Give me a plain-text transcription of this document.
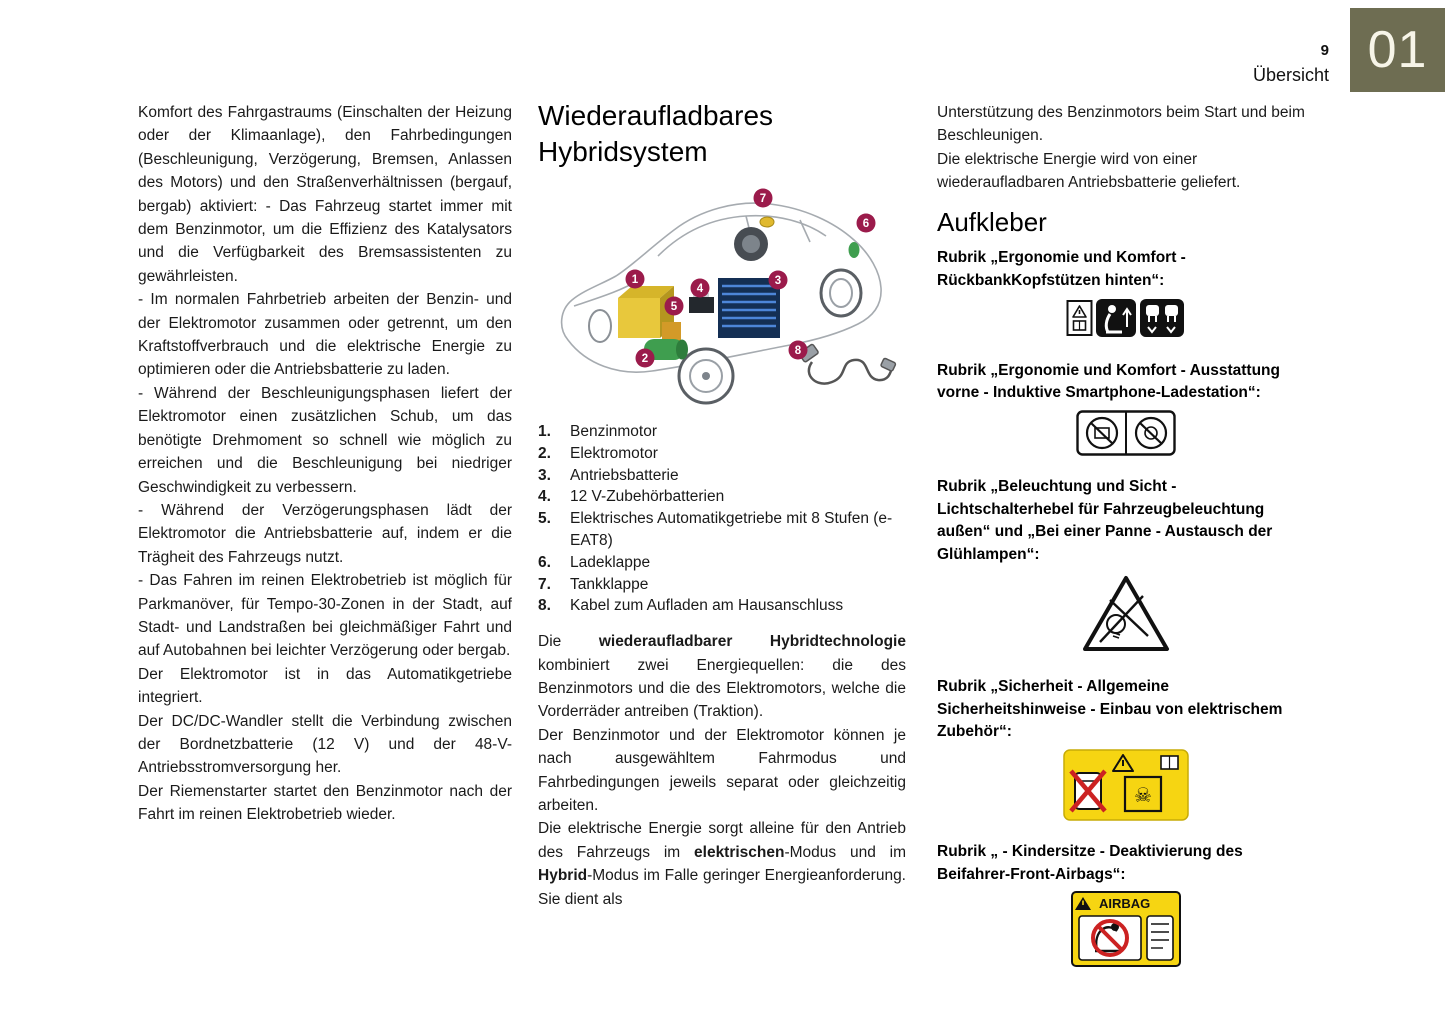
9
Übersicht 01

Komfort des Fahrgastraums (Einschalten der Heizung oder der Klimaanlage), den Fahrbedingungen (Beschleunigung, Verzögerung, Bremsen, Anlassen des Motors) und den Straßenverhältnissen (bergauf, bergab) aktiviert: - Das Fahrzeug startet immer mit dem Benzinmotor, um die Effizienz des Katalysators und die Verfügbarkeit des Bremsassistenten zu gewährleisten.

- Im normalen Fahrbetrieb arbeiten der Benzin- und der Elektromotor zusammen oder getrennt, um den Kraftstoffverbrauch und die elektrische Energie zu optimieren oder die Antriebsbatterie zu laden.

- Während der Beschleunigungsphasen liefert der Elektromotor einen zusätzlichen Schub, um das benötigte Drehmoment so schnell wie möglich zu erreichen und die Beschleunigung bei niedriger Geschwindigkeit zu verbessern.

- Während der Verzögerungsphasen lädt der Elektromotor die Antriebsbatterie auf, indem er die Trägheit des Fahrzeugs nutzt.

- Das Fahren im reinen Elektrobetrieb ist möglich für Parkmanöver, für Tempo-30-Zonen in der Stadt, auf Stadt- und Landstraßen bei gleichmäßiger Fahrt und auf Autobahnen bei leichter Verzögerung oder bergab.

Der Elektromotor ist in das Automatikgetriebe integriert.

Der DC/DC-Wandler stellt die Verbindung zwischen der Bordnetzbatterie (12 V) und der 48-V-Antriebsstromversorgung her.

Der Riemenstarter startet den Benzinmotor nach der Fahrt im reinen Elektrobetrieb wieder.

Wiederaufladbares Hybridsystem
1
2
3
4
5
6
7
8
1.	Benzinmotor
2.	Elektromotor
3.	Antriebsbatterie
4.	12 V-Zubehörbatterien
5.	Elektrisches Automatikgetriebe mit 8 Stufen (e-EAT8)
6.	Ladeklappe
7.	Tankklappe
8.	Kabel zum Aufladen am Hausanschluss

Die wiederaufladbarer Hybridtechnologie kombiniert zwei Energiequellen: die des Benzinmotors und die des Elektromotors, welche die Vorderräder antreiben (Traktion).

Der Benzinmotor und der Elektromotor können je nach ausgewähltem Fahrmodus und Fahrbedingungen jeweils separat oder gleichzeitig arbeiten.

Die elektrische Energie sorgt alleine für den Antrieb des Fahrzeugs im elektrischen-Modus und im Hybrid-Modus im Falle geringer Energieanforderung. Sie dient als

Unterstützung des Benzinmotors beim Start und beim Beschleunigen.

Die elektrische Energie wird von einer wiederaufladbaren Antriebsbatterie geliefert.

Aufkleber

Rubrik „Ergonomie und Komfort - RückbankKopfstützen hinten“:

Rubrik „Ergonomie und Komfort - Ausstattung vorne - Induktive Smartphone-Ladestation“:

Rubrik „Beleuchtung und Sicht - Lichtschalterhebel für Fahrzeugbeleuchtung außen“ und „Bei einer Panne - Austausch der Glühlampen“:

Rubrik „Sicherheit - Allgemeine Sicherheitshinweise - Einbau von elektrischem Zubehör“:

☠

Rubrik „ - Kindersitze - Deaktivierung des Beifahrer-Front-Airbags“:

AIRBAG
